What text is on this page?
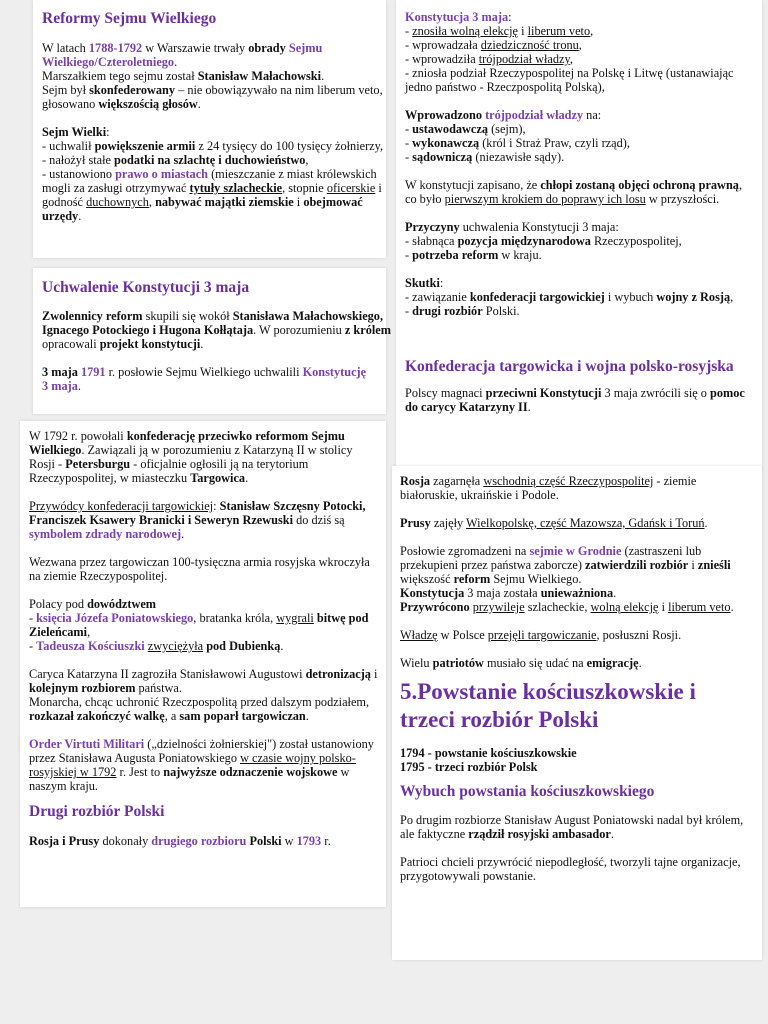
Reformy Sejmu Wielkiego

W latach 1788-1792 w Warszawie trwały obrady Sejmu Wielkiego/Czteroletniego.
Marszałkiem tego sejmu został Stanisław Małachowski.
Sejm był skonfederowany – nie obowiązywało na nim liberum veto, głosowano większością głosów.

Sejm Wielki:
- uchwalił powiększenie armii z 24 tysięcy do 100 tysięcy żołnierzy,
- nałożył stałe podatki na szlachtę i duchowieństwo,
- ustanowiono prawo o miastach (mieszczanie z miast królewskich mogli za zasługi otrzymywać tytuły szlacheckie, stopnie oficerskie i godność duchownych, nabywać majątki ziemskie i obejmować urzędy.

Uchwalenie Konstytucji 3 maja

Zwolennicy reform skupili się wokół Stanisława Małachowskiego, Ignacego Potockiego i Hugona Kołłątaja. W porozumieniu z królem opracowali projekt konstytucji.

3 maja 1791 r. posłowie Sejmu Wielkiego uchwalili Konstytucję 3 maja.

W 1792 r. powołali konfederację przeciwko reformom Sejmu Wielkiego. Zawiązali ją w porozumieniu z Katarzyną II w stolicy Rosji - Petersburgu - oficjalnie ogłosili ją na terytorium Rzeczypospolitej, w miasteczku Targowica.

Przywódcy konfederacji targowickiej: Stanisław Szczęsny Potocki, Franciszek Ksawery Branicki i Seweryn Rzewuski do dziś są symbolem zdrady narodowej.

Wezwana przez targowiczan 100-tysięczna armia rosyjska wkroczyła na ziemie Rzeczypospolitej.

Polacy pod dowództwem
- księcia Józefa Poniatowskiego, bratanka króla, wygrali bitwę pod Zieleńcami,
- Tadeusza Kościuszki zwyciężyła pod Dubienką.

Caryca Katarzyna II zagroziła Stanisławowi Augustowi detronizacją i kolejnym rozbiorem państwa.
Monarcha, chcąc uchronić Rzeczpospolitą przed dalszym podziałem, rozkazał zakończyć walkę, a sam poparł targowiczan.

Order Virtuti Militari („dzielności żołnierskiej") został ustanowiony przez Stanisława Augusta Poniatowskiego w czasie wojny polsko-rosyjskiej w 1792 r. Jest to najwyższe odznaczenie wojskowe w naszym kraju.

Drugi rozbiór Polski

Rosja i Prusy dokonały drugiego rozbioru Polski w 1793 r.

Konstytucja 3 maja:
- znosiła wolną elekcję i liberum veto,
- wprowadzała dziedziczność tronu,
- wprowadziła trójpodział władzy,
- zniosła podział Rzeczypospolitej na Polskę i Litwę (ustanawiając jedno państwo - Rzeczpospolitą Polską),

Wprowadzono trójpodział władzy na:
- ustawodawczą (sejm),
- wykonawczą (król i Straż Praw, czyli rząd),
- sądowniczą (niezawisłe sądy).

W konstytucji zapisano, że chłopi zostaną objęci ochroną prawną, co było pierwszym krokiem do poprawy ich losu w przyszłości.

Przyczyny uchwalenia Konstytucji 3 maja:
- słabnąca pozycja międzynarodowa Rzeczypospolitej,
- potrzeba reform w kraju.

Skutki:
- zawiązanie konfederacji targowickiej i wybuch wojny z Rosją,
- drugi rozbiór Polski.

Konfederacja targowicka i wojna polsko-rosyjska

Polscy magnaci przeciwni Konstytucji 3 maja zwrócili się o pomoc do carycy Katarzyny II.

Rosja zagarnęła wschodnią część Rzeczypospolitej - ziemie białoruskie, ukraińskie i Podole.

Prusy zajęły Wielkopolskę, część Mazowsza, Gdańsk i Toruń.

Posłowie zgromadzeni na sejmie w Grodnie (zastraszeni lub przekupieni przez państwa zaborcze) zatwierdzili rozbiór i znieśli większość reform Sejmu Wielkiego.
Konstytucja 3 maja została unieważniona.
Przywrócono przywileje szlacheckie, wolną elekcję i liberum veto.

Władzę w Polsce przejęli targowiczanie, posłuszni Rosji.

Wielu patriotów musiało się udać na emigrację.

5.Powstanie kościuszkowskie i trzeci rozbiór Polski

1794 - powstanie kościuszkowskie
1795 - trzeci rozbiór Polsk

Wybuch powstania kościuszkowskiego

Po drugim rozbiorze Stanisław August Poniatowski nadal był królem, ale faktyczne rządził rosyjski ambasador.

Patrioci chcieli przywrócić niepodległość, tworzyli tajne organizacje, przygotowywali powstanie.
